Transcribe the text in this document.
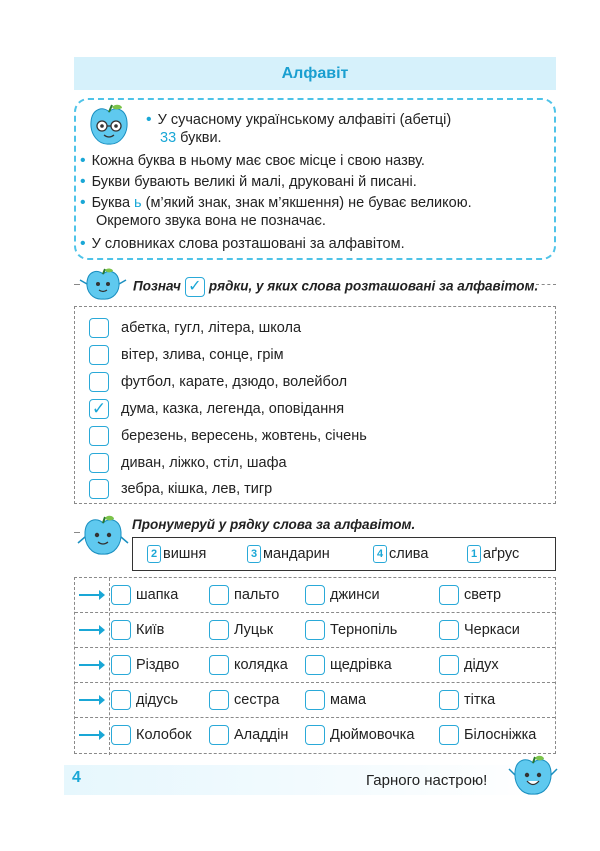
Алфавіт
• У сучасному українському алфавіті (абетці)
33 букви.
• Кожна буква в ньому має своє місце і свою назву.
• Букви бувають великі й малі, друковані й писані.
• Буква ь (м’який знак, знак м’якшення) не буває великою.
Окремого звука вона не позначає.
• У словниках слова розташовані за алфавітом.
Познач ✓ рядки, у яких слова розташовані за алфавітом.
абетка, гугл, літера, школа
вітер, злива, сонце, грім
футбол, карате, дзюдо, волейбол
✓ дума, казка, легенда, оповідання
березень, вересень, жовтень, січень
диван, ліжко, стіл, шафа
зебра, кішка, лев, тигр
Пронумеруй у рядку слова за алфавітом.
2 вишня	3 мандарин	4 слива	1 аґрус
шапка	пальто	джинси	светр
Київ	Луцьк	Тернопіль	Черкаси
Різдво	колядка	щедрівка	дідух
дідусь	сестра	мама	тітка
Колобок	Аладдін	Дюймовочка	Білосніжка
4	Гарного настрою!
